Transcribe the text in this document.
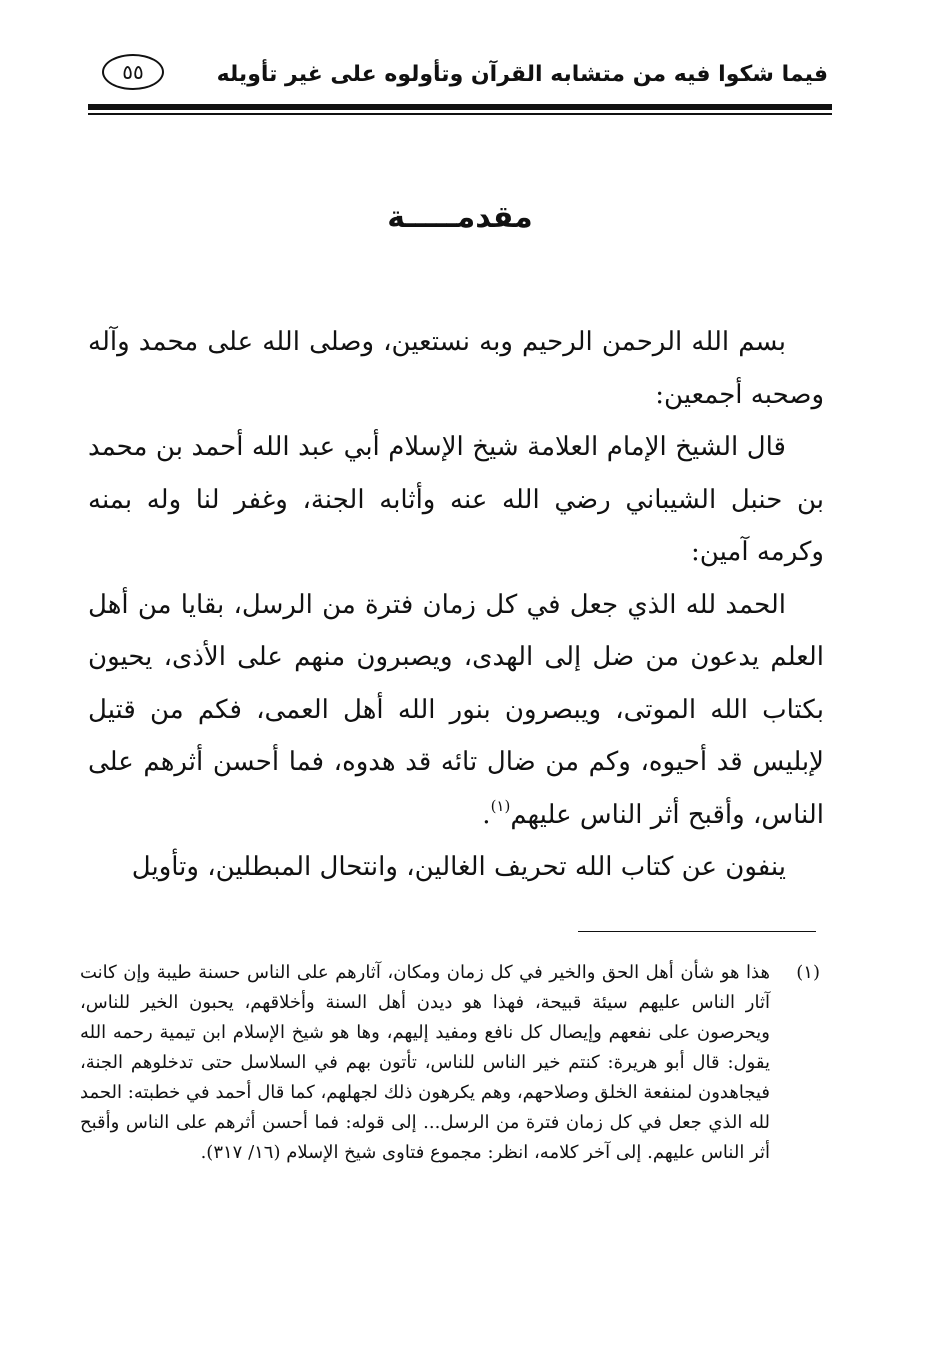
فيما شكوا فيه من متشابه القرآن وتأولوه على غير تأويله
٥٥
مقدمـــــة

بسم الله الرحمن الرحيم وبه نستعين، وصلى الله على محمد وآله وصحبه أجمعين:

قال الشيخ الإمام العلامة شيخ الإسلام أبي عبد الله أحمد بن محمد بن حنبل الشيباني رضي الله عنه وأثابه الجنة، وغفر لنا وله بمنه وكرمه آمين:

الحمد لله الذي جعل في كل زمان فترة من الرسل، بقايا من أهل العلم يدعون من ضل إلى الهدى، ويصبرون منهم على الأذى، يحيون بكتاب الله الموتى، ويبصرون بنور الله أهل العمى، فكم من قتيل لإبليس قد أحيوه، وكم من ضال تائه قد هدوه، فما أحسن أثرهم على الناس، وأقبح أثر الناس عليهم$^{(١)}$.

ينفون عن كتاب الله تحريف الغالين، وانتحال المبطلين، وتأويل

(١)
هذا هو شأن أهل الحق والخير في كل زمان ومكان، آثارهم على الناس حسنة طيبة وإن كانت آثار الناس عليهم سيئة قبيحة، فهذا هو ديدن أهل السنة وأخلاقهم، يحبون الخير للناس، ويحرصون على نفعهم وإيصال كل نافع ومفيد إليهم، وها هو شيخ الإسلام ابن تيمية رحمه الله يقول: قال أبو هريرة: كنتم خير الناس للناس، تأتون بهم في السلاسل حتى تدخلوهم الجنة، فيجاهدون لمنفعة الخلق وصلاحهم، وهم يكرهون ذلك لجهلهم، كما قال أحمد في خطبته: الحمد لله الذي جعل في كل زمان فترة من الرسل... إلى قوله: فما أحسن أثرهم على الناس وأقبح أثر الناس عليهم. إلى آخر كلامه، انظر: مجموع فتاوى شيخ الإسلام (١٦/ ٣١٧).
